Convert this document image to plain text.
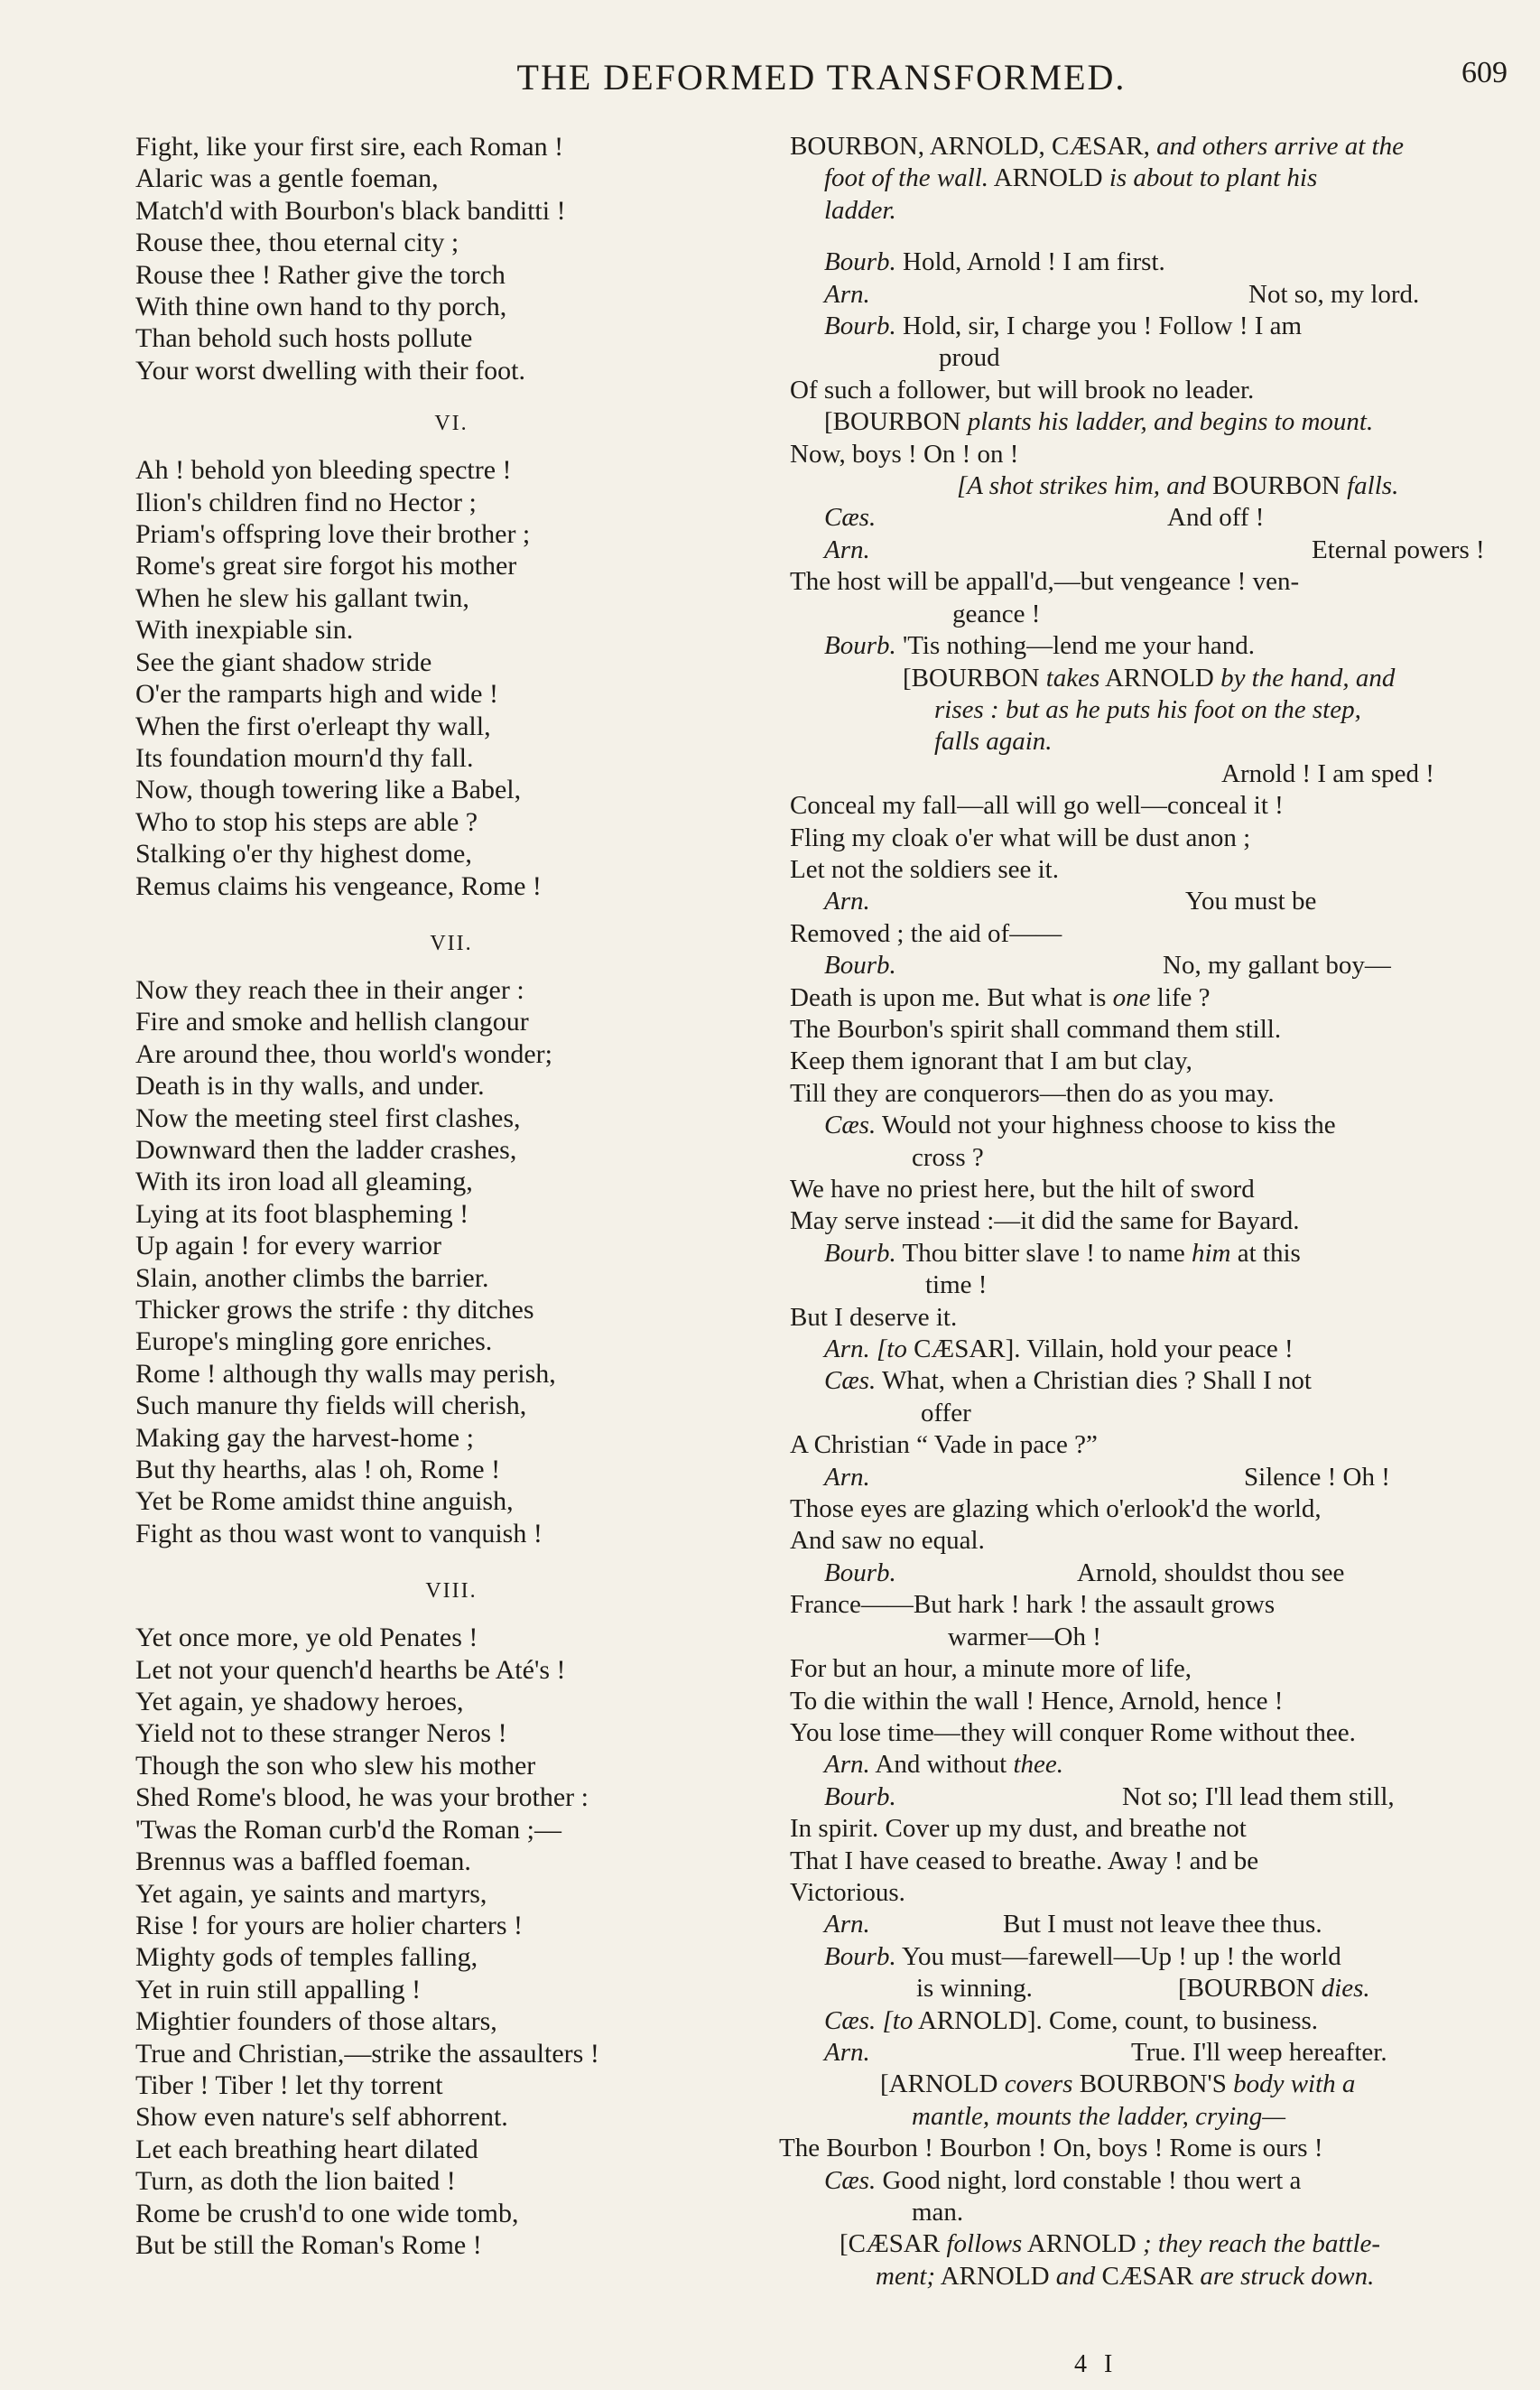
THE DEFORMED TRANSFORMED.	609
Fight, like your first sire, each Roman !
Alaric was a gentle foeman,
Match'd with Bourbon's black banditti !
Rouse thee, thou eternal city ;
Rouse thee ! Rather give the torch
With thine own hand to thy porch,
Than behold such hosts pollute
Your worst dwelling with their foot.
VI.
Ah ! behold yon bleeding spectre !
Ilion's children find no Hector ;
Priam's offspring love their brother ;
Rome's great sire forgot his mother
When he slew his gallant twin,
With inexpiable sin.
See the giant shadow stride
O'er the ramparts high and wide !
When the first o'erleapt thy wall,
Its foundation mourn'd thy fall.
Now, though towering like a Babel,
Who to stop his steps are able ?
Stalking o'er thy highest dome,
Remus claims his vengeance, Rome !
VII.
Now they reach thee in their anger :
Fire and smoke and hellish clangour
Are around thee, thou world's wonder;
Death is in thy walls, and under.
Now the meeting steel first clashes,
Downward then the ladder crashes,
With its iron load all gleaming,
Lying at its foot blaspheming !
Up again ! for every warrior
Slain, another climbs the barrier.
Thicker grows the strife : thy ditches
Europe's mingling gore enriches.
Rome ! although thy walls may perish,
Such manure thy fields will cherish,
Making gay the harvest-home ;
But thy hearths, alas ! oh, Rome !
Yet be Rome amidst thine anguish,
Fight as thou wast wont to vanquish !
VIII.
Yet once more, ye old Penates !
Let not your quench'd hearths be Até's !
Yet again, ye shadowy heroes,
Yield not to these stranger Neros !
Though the son who slew his mother
Shed Rome's blood, he was your brother :
'Twas the Roman curb'd the Roman ;—
Brennus was a baffled foeman.
Yet again, ye saints and martyrs,
Rise ! for yours are holier charters !
Mighty gods of temples falling,
Yet in ruin still appalling !
Mightier founders of those altars,
True and Christian,—strike the assaulters !
Tiber ! Tiber ! let thy torrent
Show even nature's self abhorrent.
Let each breathing heart dilated
Turn, as doth the lion baited !
Rome be crush'd to one wide tomb,
But be still the Roman's Rome !
BOURBON, ARNOLD, CÆSAR, and others arrive at the
foot of the wall. ARNOLD is about to plant his
ladder.
Bourb. Hold, Arnold ! I am first.
Arn.	Not so, my lord.
Bourb. Hold, sir, I charge you ! Follow ! I am
proud
Of such a follower, but will brook no leader.
[BOURBON plants his ladder, and begins to mount.
Now, boys ! On ! on !
[A shot strikes him, and BOURBON falls.
Cæs.	And off !
Arn.	Eternal powers !
The host will be appall'd,—but vengeance ! ven-
geance !
Bourb. 'Tis nothing—lend me your hand.
[BOURBON takes ARNOLD by the hand, and
rises : but as he puts his foot on the step,
falls again.
Arnold ! I am sped !
Conceal my fall—all will go well—conceal it !
Fling my cloak o'er what will be dust anon ;
Let not the soldiers see it.
Arn.	You must be
Removed ; the aid of——
Bourb.	No, my gallant boy—
Death is upon me. But what is one life ?
The Bourbon's spirit shall command them still.
Keep them ignorant that I am but clay,
Till they are conquerors—then do as you may.
Cæs. Would not your highness choose to kiss the
cross ?
We have no priest here, but the hilt of sword
May serve instead :—it did the same for Bayard.
Bourb. Thou bitter slave ! to name him at this
time !
But I deserve it.
Arn. [to CÆSAR]. Villain, hold your peace !
Cæs. What, when a Christian dies ? Shall I not
offer
A Christian “ Vade in pace ?”
Arn.	Silence ! Oh !
Those eyes are glazing which o'erlook'd the world,
And saw no equal.
Bourb.	Arnold, shouldst thou see
France——But hark ! hark ! the assault grows
warmer—Oh !
For but an hour, a minute more of life,
To die within the wall ! Hence, Arnold, hence !
You lose time—they will conquer Rome without thee.
Arn. And without thee.
Bourb.	Not so; I'll lead them still,
In spirit. Cover up my dust, and breathe not
That I have ceased to breathe. Away ! and be
Victorious.
Arn.	But I must not leave thee thus.
Bourb. You must—farewell—Up ! up ! the world
is winning.	[BOURBON dies.
Cæs. [to ARNOLD]. Come, count, to business.
Arn.	True. I'll weep hereafter.
[ARNOLD covers BOURBON'S body with a
mantle, mounts the ladder, crying—
The Bourbon ! Bourbon ! On, boys ! Rome is ours !
Cæs. Good night, lord constable ! thou wert a
man.
[CÆSAR follows ARNOLD ; they reach the battle-
ment; ARNOLD and CÆSAR are struck down.
4 I
